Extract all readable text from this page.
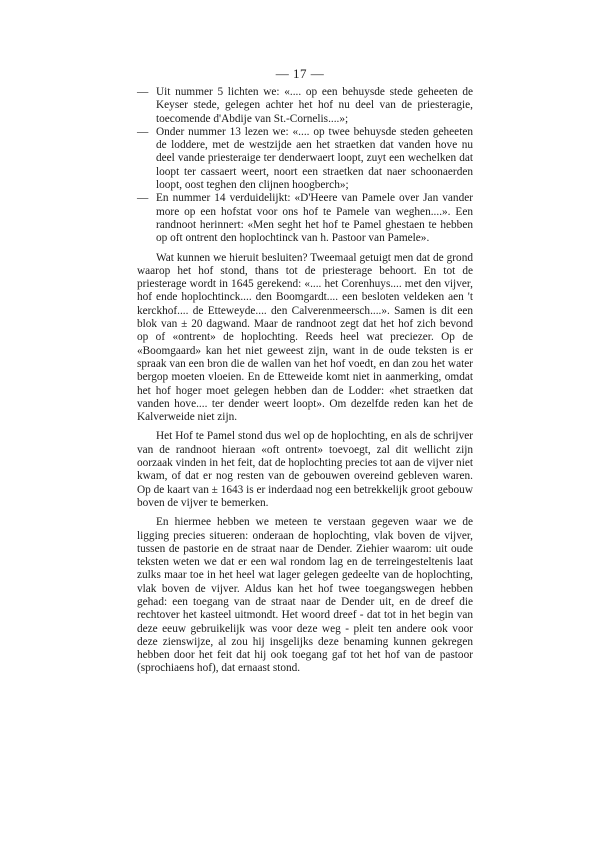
— 17 —
— Uit nummer 5 lichten we: «.... op een behuysde stede geheeten de Keyser stede, gelegen achter het hof nu deel van de priesteragie, toecomende d'Abdije van St.-Cornelis....»;
— Onder nummer 13 lezen we: «.... op twee behuysde steden geheeten de loddere, met de westzijde aen het straetken dat vanden hove nu deel vande priesteraige ter denderwaert loopt, zuyt een wechelken dat loopt ter cassaert weert, noort een straetken dat naer schoonaerden loopt, oost teghen den clijnen hoogberch»;
— En nummer 14 verduidelijkt: «D'Heere van Pamele over Jan vander more op een hofstat voor ons hof te Pamele van weghen....». Een randnoot herinnert: «Men seght het hof te Pamel ghestaen te hebben op oft ontrent den hoplochtinck van h. Pastoor van Pamele».

Wat kunnen we hieruit besluiten? Tweemaal getuigt men dat de grond waarop het hof stond, thans tot de priesterage behoort. En tot de priesterage wordt in 1645 gerekend: «.... het Corenhuys.... met den vijver, hof ende hoplochtinck.... den Boomgardt.... een besloten veldeken aen 't kerckhof.... de Etteweyde.... den Calverenmeersch....». Samen is dit een blok van ± 20 dagwand. Maar de randnoot zegt dat het hof zich bevond op of «ontrent» de hoplochting. Reeds heel wat preciezer. Op de «Boomgaard» kan het niet geweest zijn, want in de oude teksten is er spraak van een bron die de wallen van het hof voedt, en dan zou het water bergop moeten vloeien. En de Etteweide komt niet in aanmerking, omdat het hof hoger moet gelegen hebben dan de Lodder: «het straetken dat vanden hove.... ter dender weert loopt». Om dezelfde reden kan het de Kalverweide niet zijn.

Het Hof te Pamel stond dus wel op de hoplochting, en als de schrijver van de randnoot hieraan «oft ontrent» toevoegt, zal dit wellicht zijn oorzaak vinden in het feit, dat de hoplochting precies tot aan de vijver niet kwam, of dat er nog resten van de gebouwen overeind gebleven waren. Op de kaart van ± 1643 is er inderdaad nog een betrekkelijk groot gebouw boven de vijver te bemerken.

En hiermee hebben we meteen te verstaan gegeven waar we de ligging precies situeren: onderaan de hoplochting, vlak boven de vijver, tussen de pastorie en de straat naar de Dender. Ziehier waarom: uit oude teksten weten we dat er een wal rondom lag en de terreingesteltenis laat zulks maar toe in het heel wat lager gelegen gedeelte van de hoplochting, vlak boven de vijver. Aldus kan het hof twee toegangswegen hebben gehad: een toegang van de straat naar de Dender uit, en de dreef die rechtover het kasteel uitmondt. Het woord dreef - dat tot in het begin van deze eeuw gebruikelijk was voor deze weg - pleit ten andere ook voor deze zienswijze, al zou hij insgelijks deze benaming kunnen gekregen hebben door het feit dat hij ook toegang gaf tot het hof van de pastoor (sprochiaens hof), dat ernaast stond.
